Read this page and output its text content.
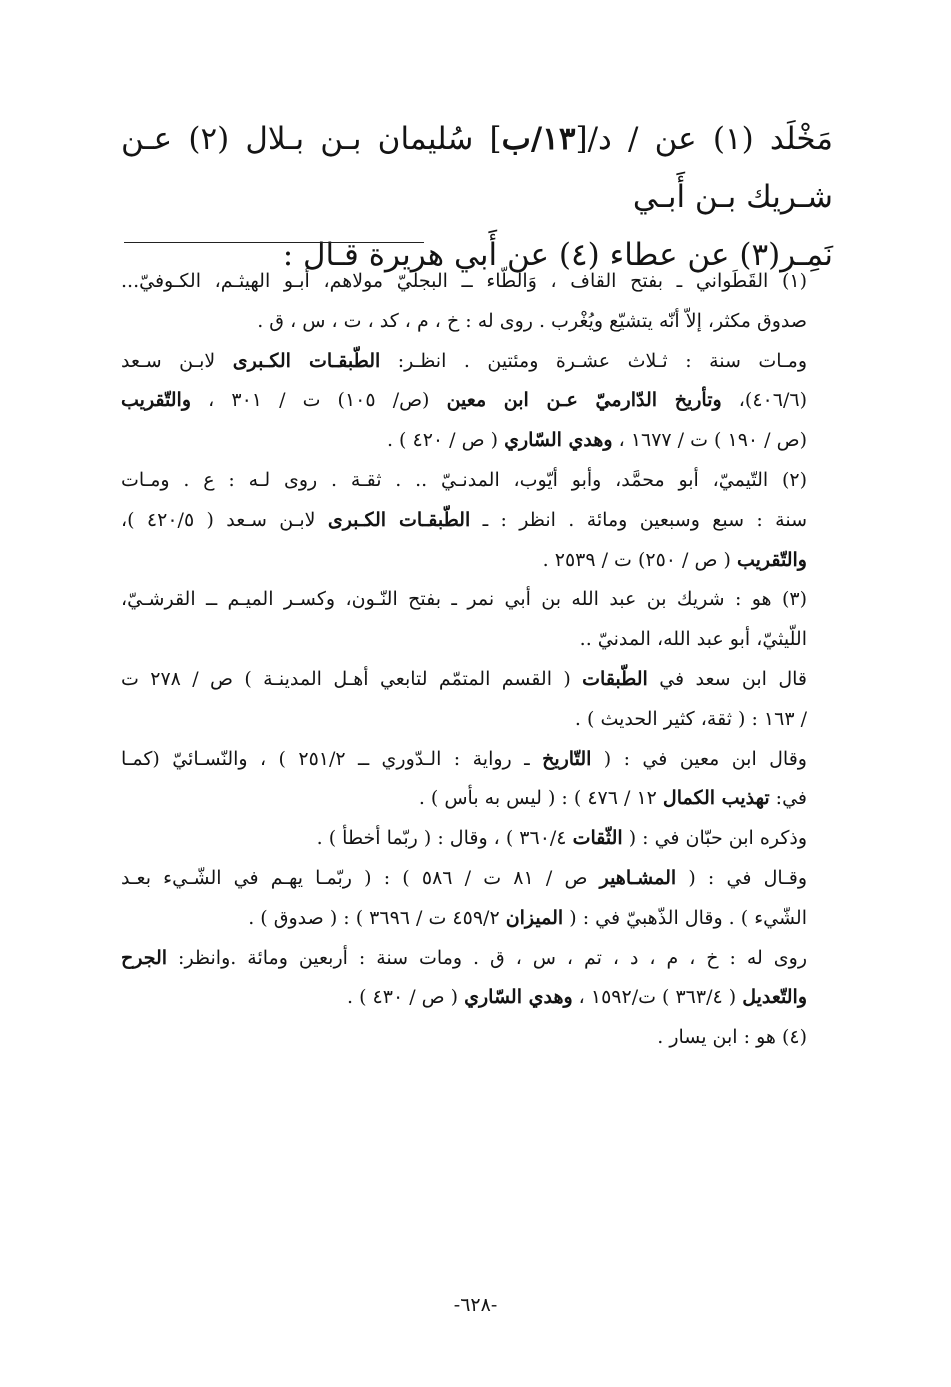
مَخْلَد (١) عن / د/[١٣/ب] سُليمان بـن بـلال (٢) عـن شـريك بـن أَبـي
نَمِـر(٣) عن عطاء (٤) عن أَبي هريرة قـال :
(١) القَطَواني ـ بفتح القاف ، وَالطّاء ــ البجليّ مولاهم، أبـو الهيثـم، الكـوفيّ...
صدوق مكثر، إلاّ أنّه يتشيّع ويُغْرب . روى له : خ ، م ، كد ، ت ، س ، ق .
ومـات سنة : ثـلاث عشـرة ومئتين . انظـر: الطّبقـات الكـبرى لابـن سـعد
(٤٠٦/٦)، وتأريخ الدّارميّ عـن ابن معين (ص/ ١٠٥) ت / ٣٠١ ، والتّقريب
(ص / ١٩٠ ) ت / ١٦٧٧ ، وهدي السّاري ( ص / ٤٢٠ ) .
(٢) التّيميّ، أبو محمَّد، وأبو أيّوب، المدنـيّ .. . ثقـة . روى لـه : ع . ومـات
سنة : سبع وسبعين ومائة . انظر : ـ الطّبقـات الكـبرى لابـن سـعد ( ٤٢٠/٥ )،
والتّقريب ( ص / ٢٥٠) ت / ٢٥٣٩ .
(٣) هو : شريك بن عبد الله بن أبي نمر ـ بفتح النّـون، وكسـر الميـم ــ القرشـيّ،
اللّيثيّ، أبو عبد الله، المدنيّ ..
قال ابن سعد في الطّبقات ( القسم المتمّم لتابعي أهـل المدينـة ) ص / ٢٧٨ ت
/ ١٦٣ : ( ثقة، كثير الحديث ) .
وقال ابن معين في : ( التّاريخ ـ رواية : الـدّوري ــ ٢٥١/٢ ) ، والنّسـائيّ (كمـا
في: تهذيب الكمال ١٢ / ٤٧٦ ) : ( ليس به بأس ) .
وذكره ابن حبّان في : ( الثّقات ٣٦٠/٤ ) ، وقال : ( ربّما أخطأ ) .
وقـال في : ( المشـاهير ص / ٨١ ت / ٥٨٦ ) : ( ربّمـا يهـم في الشّـيء بعـد
الشّيء ) . وقال الذّهبيّ في : ( الميزان ٤٥٩/٢ ت / ٣٦٩٦ ) : ( صدوق ) .
روى له : خ ، م ، د ، تم ، س ، ق . ومات سنة : أربعين ومائة .وانظر: الجرح
والتّعديل ( ٣٦٣/٤ ) ت/١٥٩٢ ، وهدي السّاري ( ص / ٤٣٠ ) .
(٤) هو : ابن يسار .
-٦٢٨-
